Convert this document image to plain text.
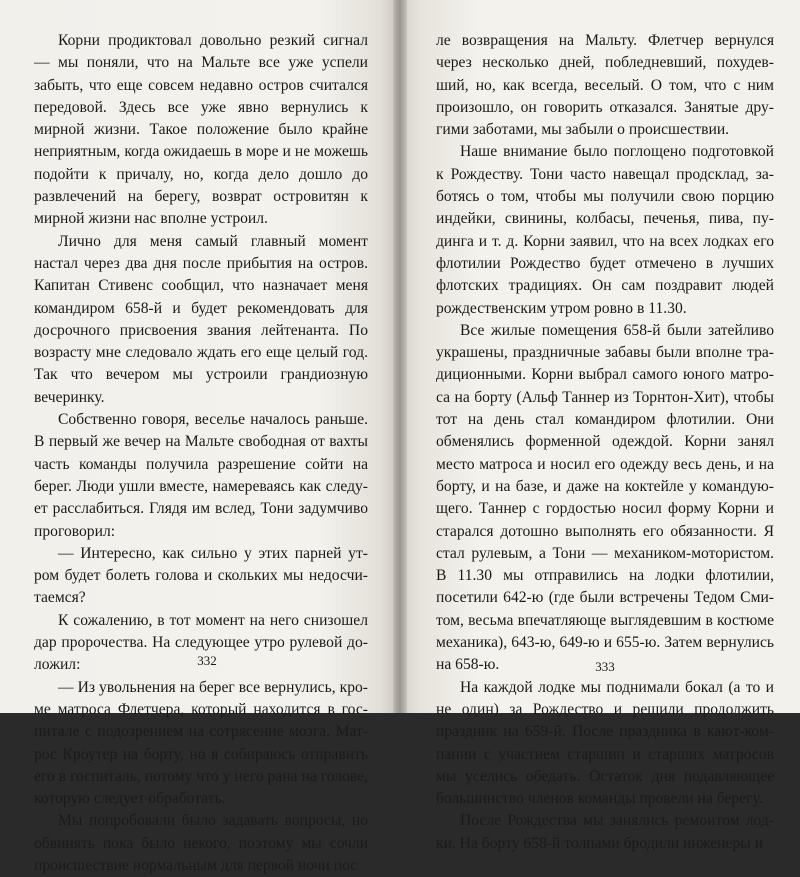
Корни продиктовал довольно резкий сигнал — мы поняли, что на Мальте все уже успели забыть, что еще совсем недавно остров считался передовой. Здесь все уже явно вернулись к мирной жизни. Такое положение было крайне неприятным, когда ожидаешь в море и не можешь подойти к причалу, но, когда дело дошло до развлечений на берегу, возврат островитян к мирной жизни нас вполне устроил.

Лично для меня самый главный момент настал через два дня после прибытия на остров. Капитан Стивенс сообщил, что назначает меня командиром 658-й и будет рекомендовать для досрочного присвоения звания лейтенанта. По возрасту мне следовало ждать его еще целый год. Так что вечером мы устроили грандиозную вечеринку.

Собственно говоря, веселье началось раньше. В первый же вечер на Мальте свободная от вахты часть команды получила разрешение сойти на берег. Люди ушли вместе, намереваясь как следует расслабиться. Глядя им вслед, Тони задумчиво проговорил:

— Интересно, как сильно у этих парней утром будет болеть голова и скольких мы недосчитаемся?

К сожалению, в тот момент на него снизошел дар пророчества. На следующее утро рулевой доложил:

— Из увольнения на берег все вернулись, кроме матроса Флетчера, который находится в госпитале с подозрением на сотрясение мозга. Матрос Кроутер на борту, но я собираюсь отправить его в госпиталь, потому что у него рана на голове, которую следует обработать.

Мы попробовали было задавать вопросы, но обвинять пока было некого, поэтому мы сочли происшествие нормальным для первой ночи пос

332

ле возвращения на Мальту. Флетчер вернулся через несколько дней, побледневший, похудевший, но, как всегда, веселый. О том, что с ним произошло, он говорить отказался. Занятые другими заботами, мы забыли о происшествии.

Наше внимание было поглощено подготовкой к Рождеству. Тони часто навещал продсклад, заботясь о том, чтобы мы получили свою порцию индейки, свинины, колбасы, печенья, пива, пудинга и т. д. Корни заявил, что на всех лодках его флотилии Рождество будет отмечено в лучших флотских традициях. Он сам поздравит людей рождественским утром ровно в 11.30.

Все жилые помещения 658-й были затейливо украшены, праздничные забавы были вполне традиционными. Корни выбрал самого юного матроса на борту (Альф Таннер из Торнтон-Хит), чтобы тот на день стал командиром флотилии. Они обменялись форменной одеждой. Корни занял место матроса и носил его одежду весь день, и на борту, и на базе, и даже на коктейле у командующего. Таннер с гордостью носил форму Корни и старался дотошно выполнять его обязанности. Я стал рулевым, а Тони — механиком-мотористом. В 11.30 мы отправились на лодки флотилии, посетили 642-ю (где были встречены Тедом Смитом, весьма впечатляюще выглядевшим в костюме механика), 643-ю, 649-ю и 655-ю. Затем вернулись на 658-ю.

На каждой лодке мы поднимали бокал (а то и не один) за Рождество и решили продолжить праздник на 659-й. После праздника в кают-компании с участием старшин и старших матросов мы уселись обедать. Остаток дня подавляющее большинство членов команды провели на берегу.

После Рождества мы занялись ремонтом лодки. На борту 658-й толпами бродили инженеры и

333
